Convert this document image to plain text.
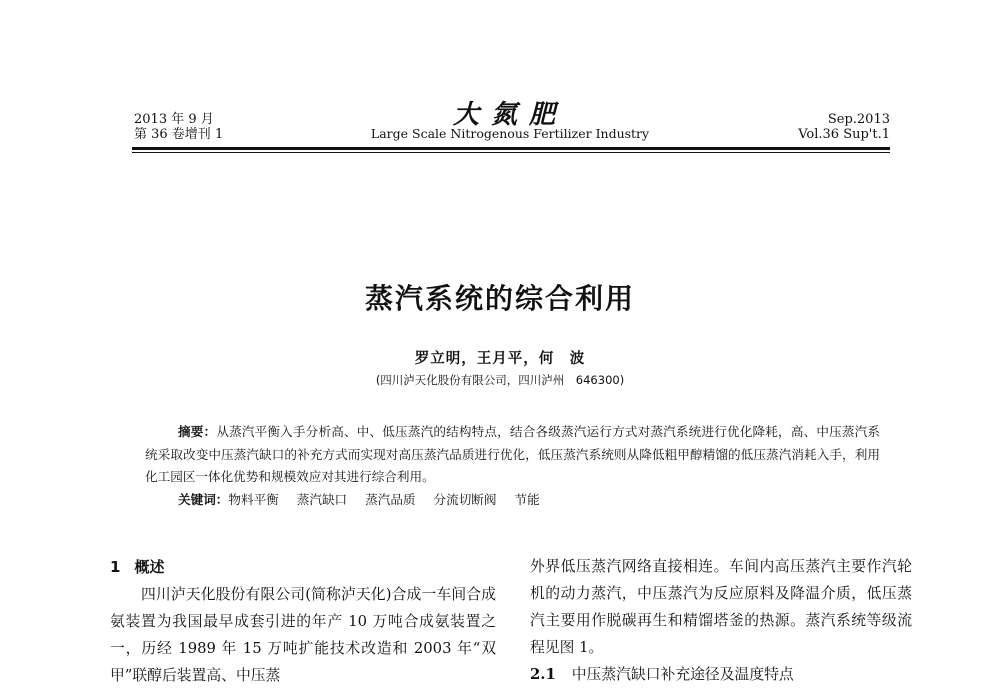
2013 年 9 月
第 36 卷增刊 1
大氮肥
Large Scale Nitrogenous Fertilizer Industry
Sep.2013
Vol.36 Sup't.1
蒸汽系统的综合利用
罗立明，王月平，何　波
(四川泸天化股份有限公司，四川泸州　646300)
摘要：从蒸汽平衡入手分析高、中、低压蒸汽的结构特点，结合各级蒸汽运行方式对蒸汽系统进行优化降耗，高、中压蒸汽系统采取改变中压蒸汽缺口的补充方式而实现对高压蒸汽品质进行优化，低压蒸汽系统则从降低粗甲醇精馏的低压蒸汽消耗入手，利用化工园区一体化优势和规模效应对其进行综合利用。
关键词：物料平衡 蒸汽缺口 蒸汽品质 分流切断阀 节能
1 概述
四川泸天化股份有限公司(简称泸天化)合成一车间合成氨装置为我国最早成套引进的年产 10 万吨合成氨装置之一，历经 1989 年 15 万吨扩能技术改造和 2003 年“双甲”联醇后装置高、中压蒸
外界低压蒸汽网络直接相连。车间内高压蒸汽主要作汽轮机的动力蒸汽，中压蒸汽为反应原料及降温介质，低压蒸汽主要用作脱碳再生和精馏塔釜的热源。蒸汽系统等级流程见图 1。
2.1 中压蒸汽缺口补充途径及温度特点
